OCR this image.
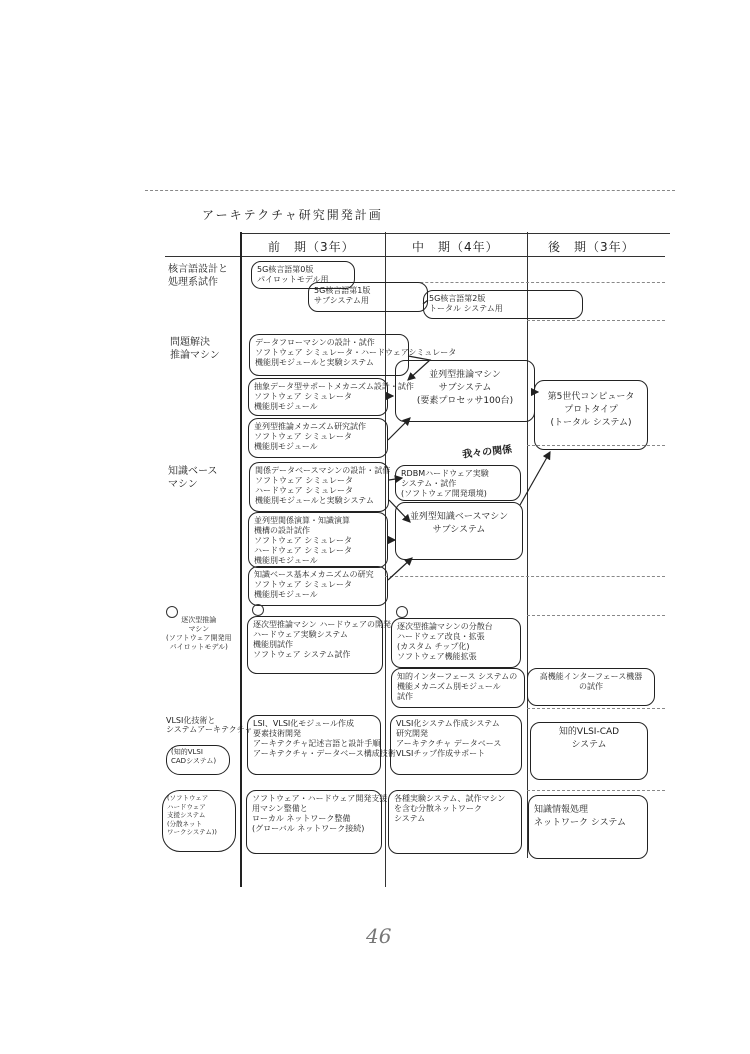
アーキテクチャ研究開発計画
前　期（3年）	中　期（4年）	後　期（3年）
核言語設計と
処理系試作
問題解決
推論マシン
知識ベース
マシン
逐次型推論
マシン
(ソフトウェア開発用
パイロットモデル)
VLSI化技術と
システムアーキテクチャ
(知的VLSI
CADシステム)
(ソフトウェア
ハードウェア
支援システム
(分散ネット
ワークシステム))
5G核言語第0版
パイロットモデル用
5G核言語第1版
サブシステム用	5G核言語第2版
トータル システム用
データフローマシンの設計・試作
ソフトウェア シミュレータ・ハードウェアシミュレータ
機能別モジュールと実験システム
抽象データ型サポートメカニズム設計・試作
ソフトウェア シミュレータ
機能別モジュール
並列型推論メカニズム研究試作
ソフトウェア シミュレータ
機能別モジュール
並列型推論マシン
サブシステム
(要素プロセッサ100台)	第5世代コンピュータ
プロトタイプ
(トータル システム)
関係データベースマシンの設計・試作
ソフトウェア シミュレータ
ハードウェア シミュレータ
機能別モジュールと実験システム
並列型関係演算・知識演算
機構の設計試作
ソフトウェア シミュレータ
ハードウェア シミュレータ
機能別モジュール
知識ベース基本メカニズムの研究
ソフトウェア シミュレータ
機能別モジュール
RDBMハードウェア実験
システム・試作
(ソフトウェア開発環境)
並列型知識ベースマシン
サブシステム
我々の関係
逐次型推論マシン ハードウェアの開発
ハードウェア実験システム
機能別試作
ソフトウェア システム試作
逐次型推論マシンの分散台
ハードウェア改良・拡張
(カスタム チップ化)
ソフトウェア機能拡張
知的インターフェース システムの
機能メカニズム別モジュール
試作
高機能インターフェース機器
の試作
LSI、VLSI化モジュール作成
要素技術開発
アーキテクチャ記述言語と設計手順
アーキテクチャ・データベース構成技術
VLSI化システム作成システム
研究開発
アーキテクチャ データベース
VLSIチップ作成サポート
知的VLSI-CAD
システム
ソフトウェア・ハードウェア開発支援
用マシン整備と
ローカル ネットワーク整備
(グローバル ネットワーク接続)
各種実験システム、試作マシン
を含む分散ネットワーク
システム
知識情報処理
ネットワーク システム
46
